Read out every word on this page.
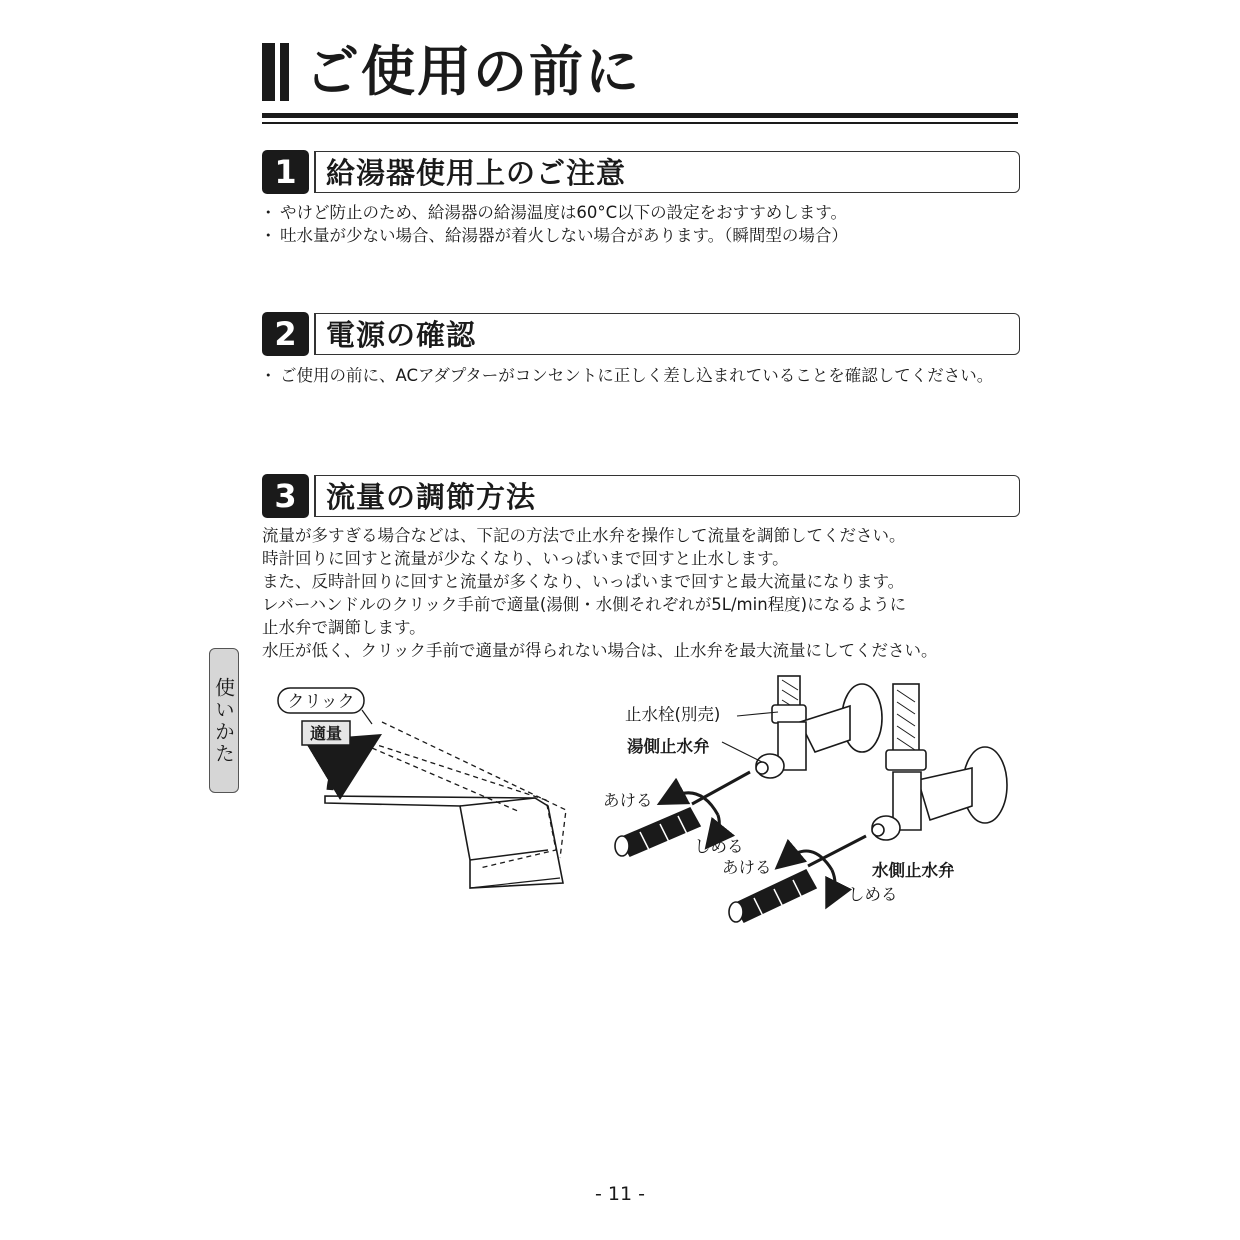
ご使用の前に
1	給湯器使用上のご注意
・ やけど防止のため、給湯器の給湯温度は60°C以下の設定をおすすめします。
・ 吐水量が少ない場合、給湯器が着火しない場合があります。（瞬間型の場合）
2	電源の確認
・ ご使用の前に、ACアダプターがコンセントに正しく差し込まれていることを確認してください。
3	流量の調節方法
流量が多すぎる場合などは、下記の方法で止水弁を操作して流量を調節してください。
時計回りに回すと流量が少なくなり、いっぱいまで回すと止水します。
また、反時計回りに回すと流量が多くなり、いっぱいまで回すと最大流量になります。
レバーハンドルのクリック手前で適量(湯側・水側それぞれが5L/min程度)になるように
止水弁で調節します。
水圧が低く、クリック手前で適量が得られない場合は、止水弁を最大流量にしてください。
使いかた	クリック
適量
止水栓(別売)
湯側止水弁
あける
しめる
あける	水側止水弁
しめる
- 11 -
